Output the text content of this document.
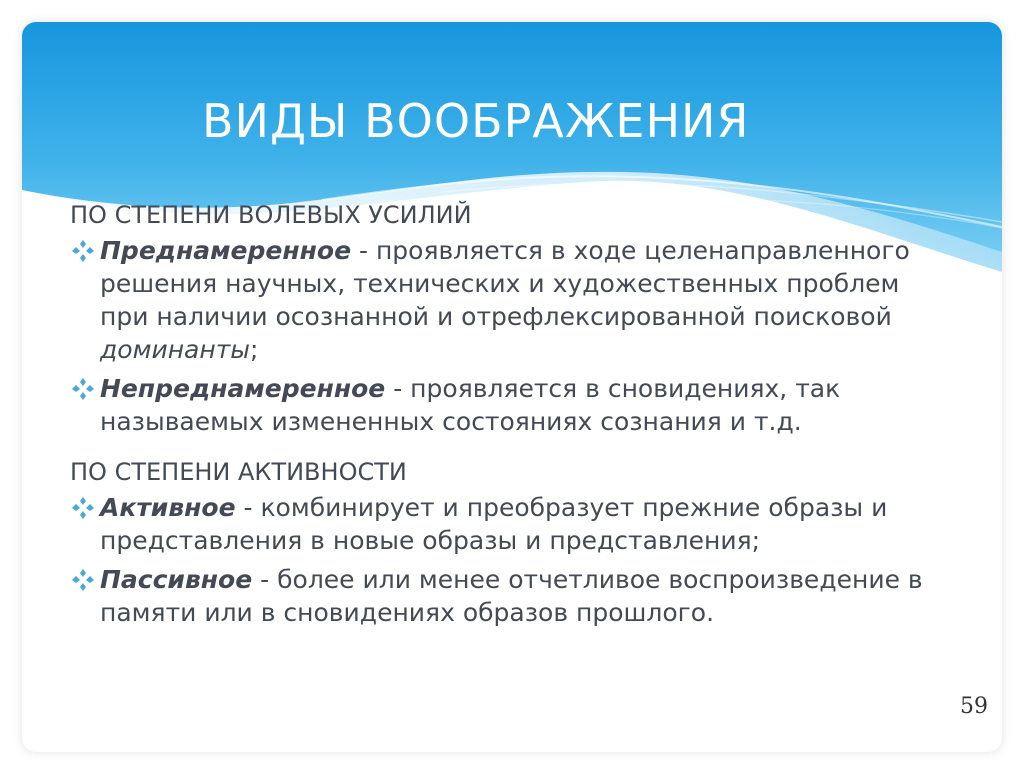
ВИДЫ ВООБРАЖЕНИЯ

ПО СТЕПЕНИ ВОЛЕВЫХ УСИЛИЙ

Преднамеренное - проявляется в ходе целенаправленного решения научных, технических и художественных проблем при наличии осознанной и отрефлексированной поисковой доминанты;
Непреднамеренное - проявляется в сновидениях, так называемых измененных состояниях сознания и т.д.

ПО СТЕПЕНИ АКТИВНОСТИ

Активное - комбинирует и преобразует прежние образы и представления в новые образы и представления;
Пассивное - более или менее отчетливое воспроизведение в памяти или в сновидениях образов прошлого.
59
